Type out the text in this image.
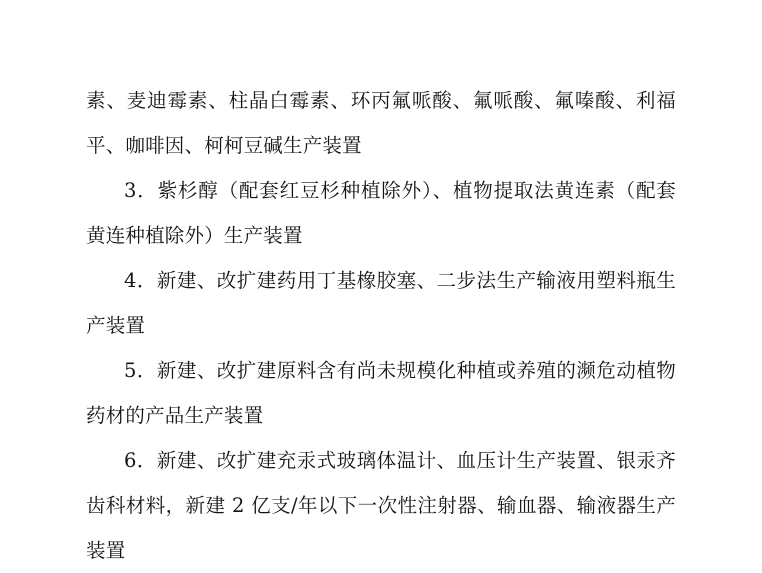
素、麦迪霉素、柱晶白霉素、环丙氟哌酸、氟哌酸、氟嗪酸、利福平、咖啡因、柯柯豆碱生产装置

3．紫杉醇（配套红豆杉种植除外）、植物提取法黄连素（配套黄连种植除外）生产装置

4．新建、改扩建药用丁基橡胶塞、二步法生产输液用塑料瓶生产装置

5．新建、改扩建原料含有尚未规模化种植或养殖的濒危动植物药材的产品生产装置

6．新建、改扩建充汞式玻璃体温计、血压计生产装置、银汞齐齿科材料，新建 2 亿支/年以下一次性注射器、输血器、输液器生产装置
